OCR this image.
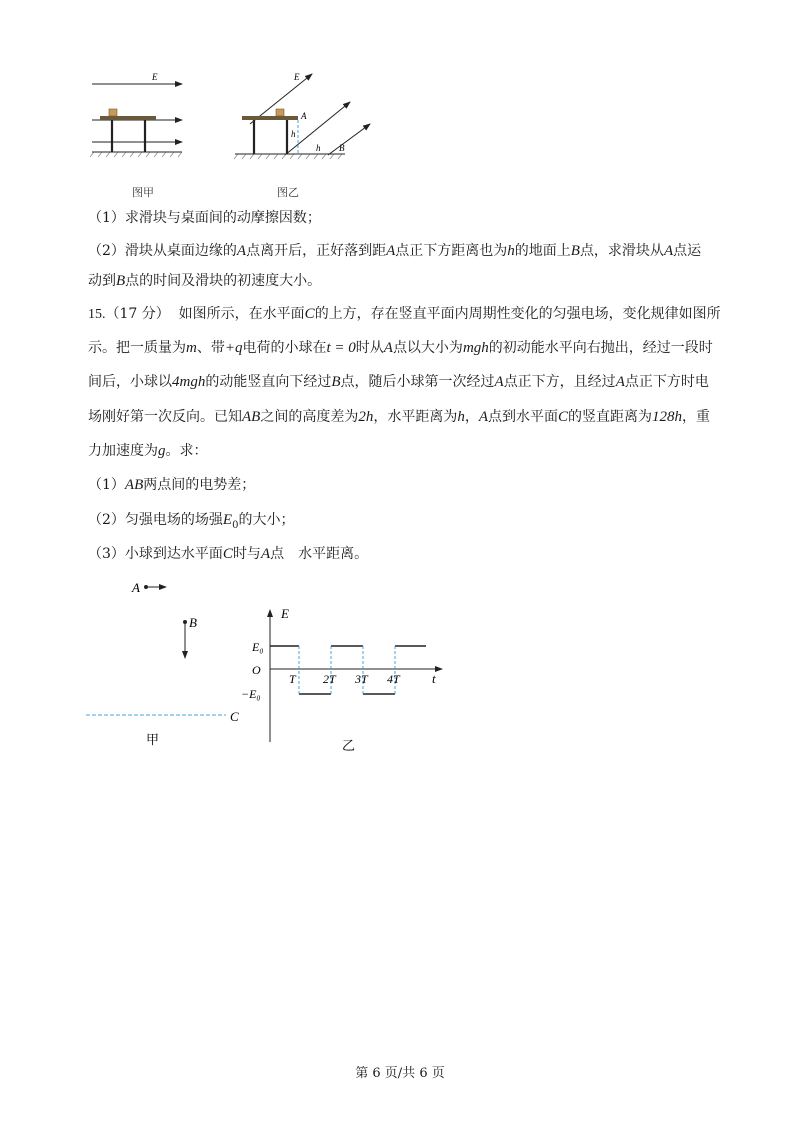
E	E
A
h
h B
图甲	图乙
（1）求滑块与桌面间的动摩擦因数；
（2）滑块从桌面边缘的A点离开后，正好落到距A点正下方距离也为h的地面上B点，求滑块从A点运
动到B点的时间及滑块的初速度大小。
15.（17 分） 如图所示，在水平面C的上方，存在竖直平面内周期性变化的匀强电场，变化规律如图所
示。把一质量为m、带+q电荷的小球在t = 0时从A点以大小为mgh的初动能水平向右抛出，经过一段时
间后，小球以4mgh的动能竖直向下经过B点，随后小球第一次经过A点正下方，且经过A点正下方时电
场刚好第一次反向。已知AB之间的高度差为2h，水平距离为h，A点到水平面C的竖直距离为128h，重
力加速度为g。求：
（1）AB两点间的电势差；
（2）匀强电场的场强$E_0$的大小；
（3）小球到达水平面C时与A点　水平距离。
A
B
C
甲
E
t
E₀
O
−E₀
T 2T 3T 4T
乙
第 6 页/共 6 页
